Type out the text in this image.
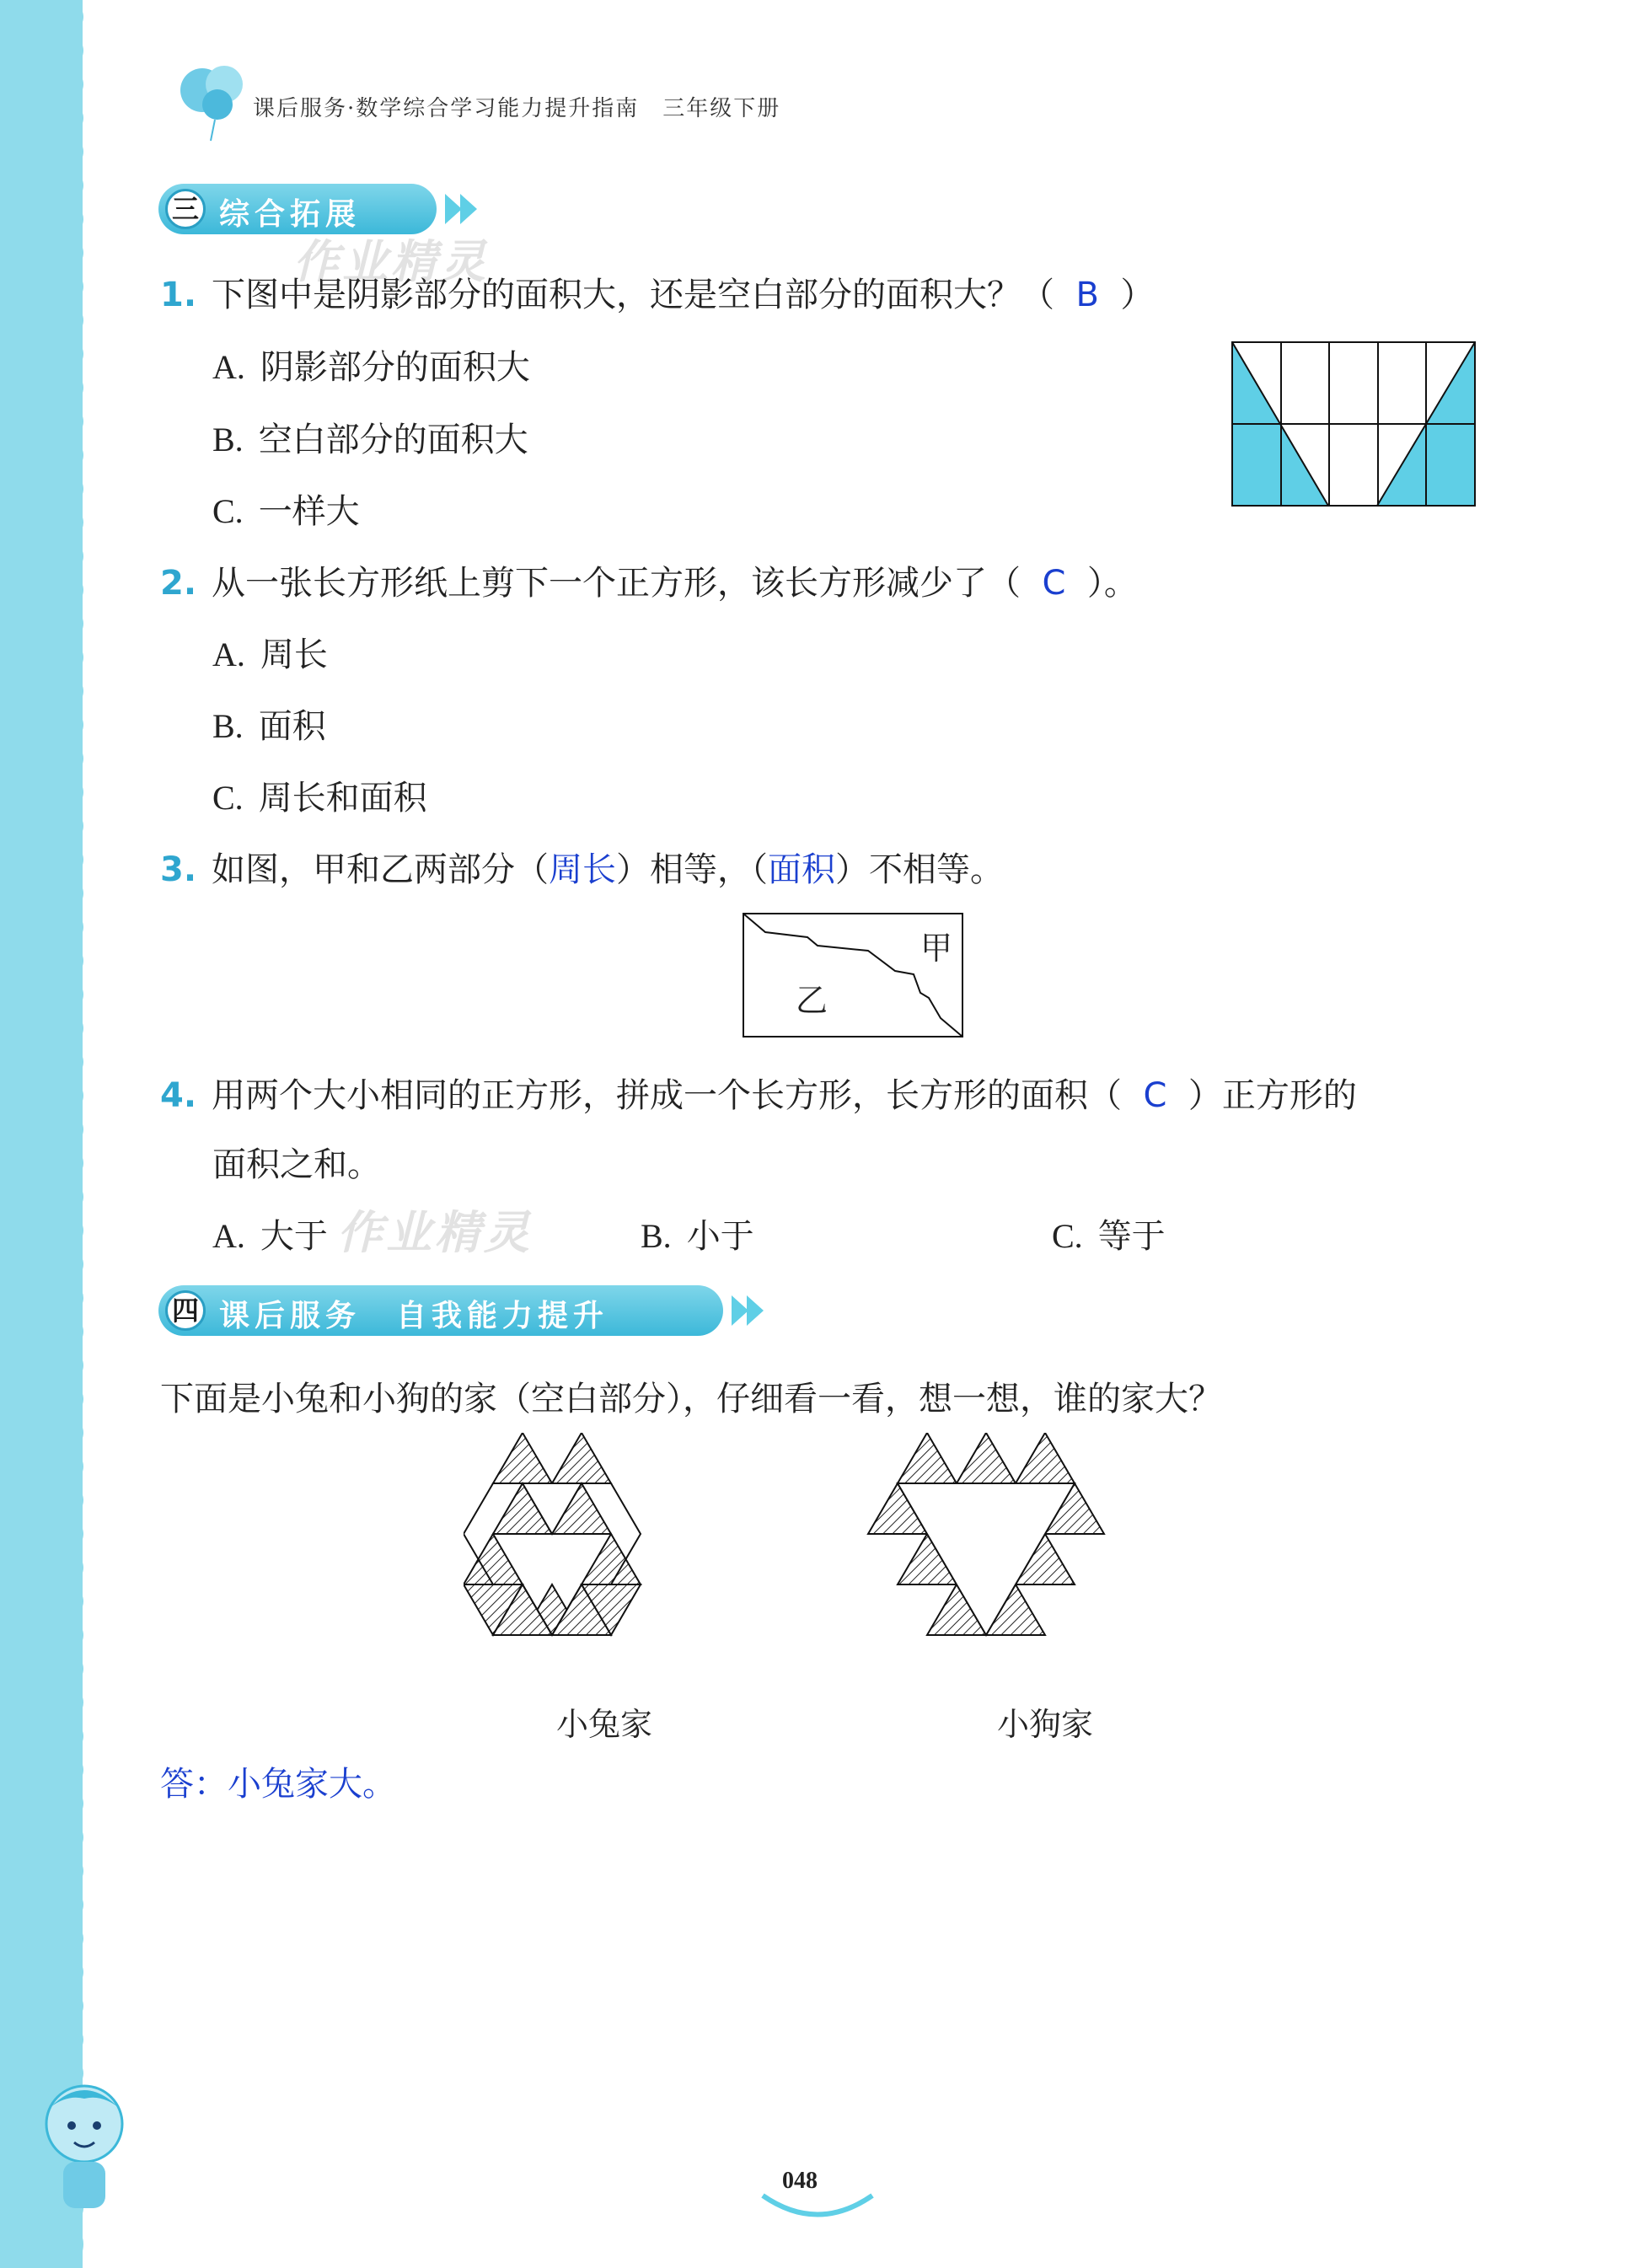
课后服务·数学综合学习能力提升指南　三年级下册
作业精灵
作业精灵
三 综合拓展
1. 下图中是阴影部分的面积大，还是空白部分的面积大？（ B ）
A. 阴影部分的面积大
B. 空白部分的面积大
C. 一样大
2. 从一张长方形纸上剪下一个正方形，该长方形减少了（ C ）。
A. 周长
B. 面积
C. 周长和面积
3. 如图，甲和乙两部分（周长）相等，（面积）不相等。
甲
乙
4. 用两个大小相同的正方形，拼成一个长方形，长方形的面积（ C ）正方形的
面积之和。
A. 大于	B. 小于	C. 等于
四 课后服务　自我能力提升
下面是小兔和小狗的家（空白部分），仔细看一看，想一想，谁的家大？
小兔家	小狗家
答：小兔家大。
048
